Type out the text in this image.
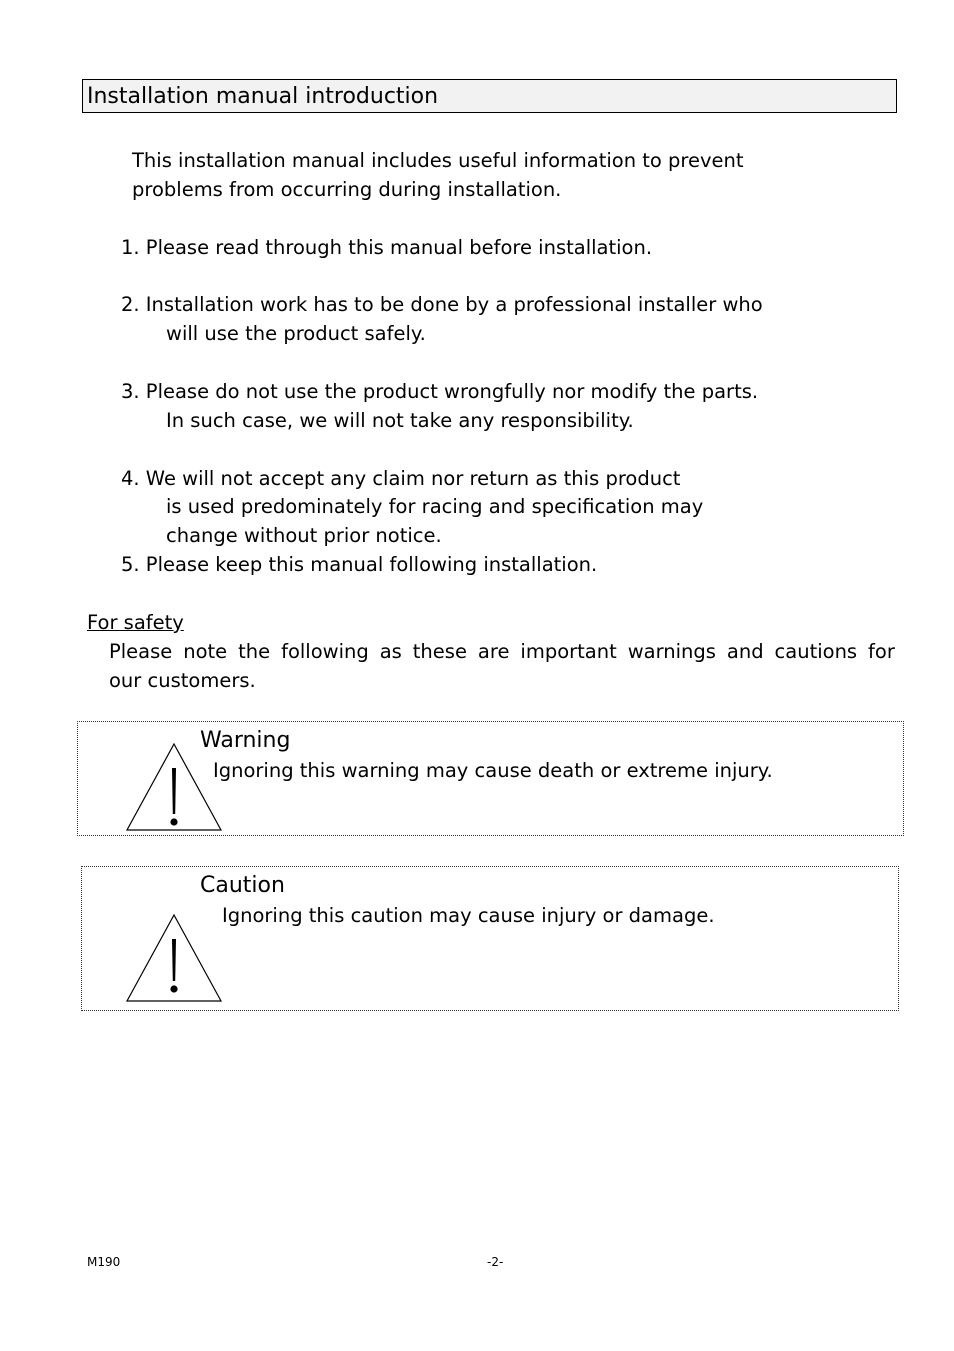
Installation manual introduction
This installation manual includes useful information to prevent
problems from occurring during installation.
1. Please read through this manual before installation.
2. Installation work has to be done by a professional installer who
will use the product safely.
3. Please do not use the product wrongfully nor modify the parts.
In such case, we will not take any responsibility.
4. We will not accept any claim nor return as this product
is used predominately for racing and specification may
change without prior notice.
5. Please keep this manual following installation.
For safety
Please note the following as these are important warnings and cautions for
our customers.
Warning
Ignoring this warning may cause death or extreme injury.
Caution
Ignoring this caution may cause injury or damage.
M190	-2-
